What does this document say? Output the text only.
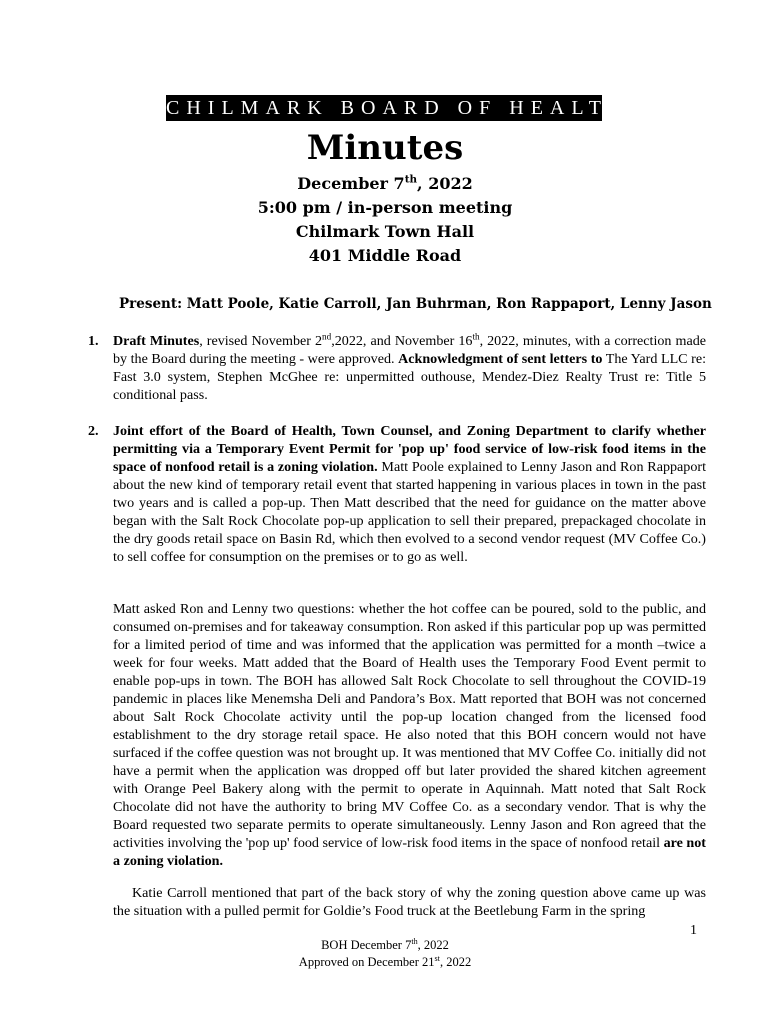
CHILMARK BOARD OF HEALTH
Minutes
December 7th, 2022
5:00 pm / in-person meeting
Chilmark Town Hall
401 Middle Road
Present: Matt Poole, Katie Carroll, Jan Buhrman, Ron Rappaport, Lenny Jason
1. Draft Minutes, revised November 2nd,2022, and November 16th, 2022, minutes, with a correction made by the Board during the meeting - were approved. Acknowledgment of sent letters to The Yard LLC re: Fast 3.0 system, Stephen McGhee re: unpermitted outhouse, Mendez-Diez Realty Trust re: Title 5 conditional pass.
2. Joint effort of the Board of Health, Town Counsel, and Zoning Department to clarify whether permitting via a Temporary Event Permit for 'pop up' food service of low-risk food items in the space of nonfood retail is a zoning violation. Matt Poole explained to Lenny Jason and Ron Rappaport about the new kind of temporary retail event that started happening in various places in town in the past two years and is called a pop-up. Then Matt described that the need for guidance on the matter above began with the Salt Rock Chocolate pop-up application to sell their prepared, prepackaged chocolate in the dry goods retail space on Basin Rd, which then evolved to a second vendor request (MV Coffee Co.) to sell coffee for consumption on the premises or to go as well.
Matt asked Ron and Lenny two questions: whether the hot coffee can be poured, sold to the public, and consumed on-premises and for takeaway consumption. Ron asked if this particular pop up was permitted for a limited period of time and was informed that the application was permitted for a month –twice a week for four weeks. Matt added that the Board of Health uses the Temporary Food Event permit to enable pop-ups in town. The BOH has allowed Salt Rock Chocolate to sell throughout the COVID-19 pandemic in places like Menemsha Deli and Pandora’s Box. Matt reported that BOH was not concerned about Salt Rock Chocolate activity until the pop-up location changed from the licensed food establishment to the dry storage retail space. He also noted that this BOH concern would not have surfaced if the coffee question was not brought up. It was mentioned that MV Coffee Co. initially did not have a permit when the application was dropped off but later provided the shared kitchen agreement with Orange Peel Bakery along with the permit to operate in Aquinnah. Matt noted that Salt Rock Chocolate did not have the authority to bring MV Coffee Co. as a secondary vendor. That is why the Board requested two separate permits to operate simultaneously. Lenny Jason and Ron agreed that the activities involving the 'pop up' food service of low-risk food items in the space of nonfood retail are not a zoning violation.
Katie Carroll mentioned that part of the back story of why the zoning question above came up was the situation with a pulled permit for Goldie’s Food truck at the Beetlebung Farm in the spring
1
BOH December 7th, 2022
Approved on December 21st, 2022
